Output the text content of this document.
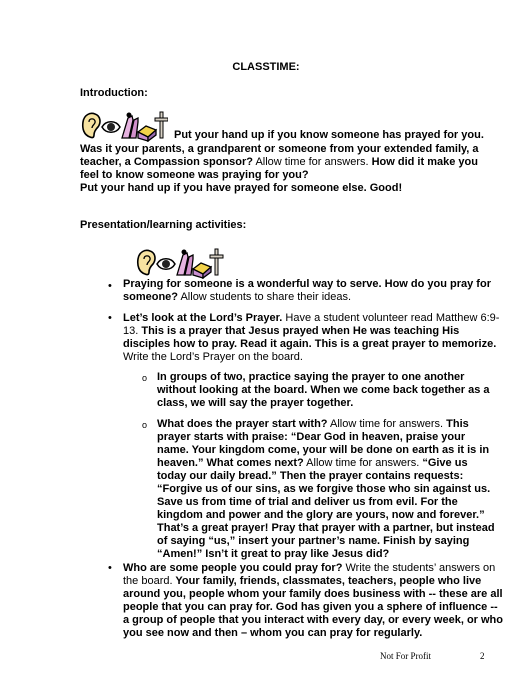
CLASSTIME:
Introduction:
Put your hand up if you know someone has prayed for you.
Was it your parents, a grandparent or someone from your extended family, a teacher, a Compassion sponsor? Allow time for answers. How did it make you feel to know someone was praying for you?
Put your hand up if you have prayed for someone else. Good!
Presentation/learning activities:
• Praying for someone is a wonderful way to serve. How do you pray for someone? Allow students to share their ideas.
• Let’s look at the Lord’s Prayer. Have a student volunteer read Matthew 6:9-13. This is a prayer that Jesus prayed when He was teaching His disciples how to pray. Read it again. This is a great prayer to memorize. Write the Lord’s Prayer on the board.
o In groups of two, practice saying the prayer to one another without looking at the board. When we come back together as a class, we will say the prayer together.
o What does the prayer start with? Allow time for answers. This prayer starts with praise: “Dear God in heaven, praise your name. Your kingdom come, your will be done on earth as it is in heaven.” What comes next? Allow time for answers. “Give us today our daily bread.” Then the prayer contains requests: “Forgive us of our sins, as we forgive those who sin against us. Save us from time of trial and deliver us from evil. For the kingdom and power and the glory are yours, now and forever.” That’s a great prayer! Pray that prayer with a partner, but instead of saying “us,” insert your partner’s name. Finish by saying “Amen!” Isn’t it great to pray like Jesus did?
• Who are some people you could pray for? Write the students’ answers on the board. Your family, friends, classmates, teachers, people who live around you, people whom your family does business with -- these are all people that you can pray for. God has given you a sphere of influence -- a group of people that you interact with every day, or every week, or who you see now and then – whom you can pray for regularly.
Not For Profit	2
